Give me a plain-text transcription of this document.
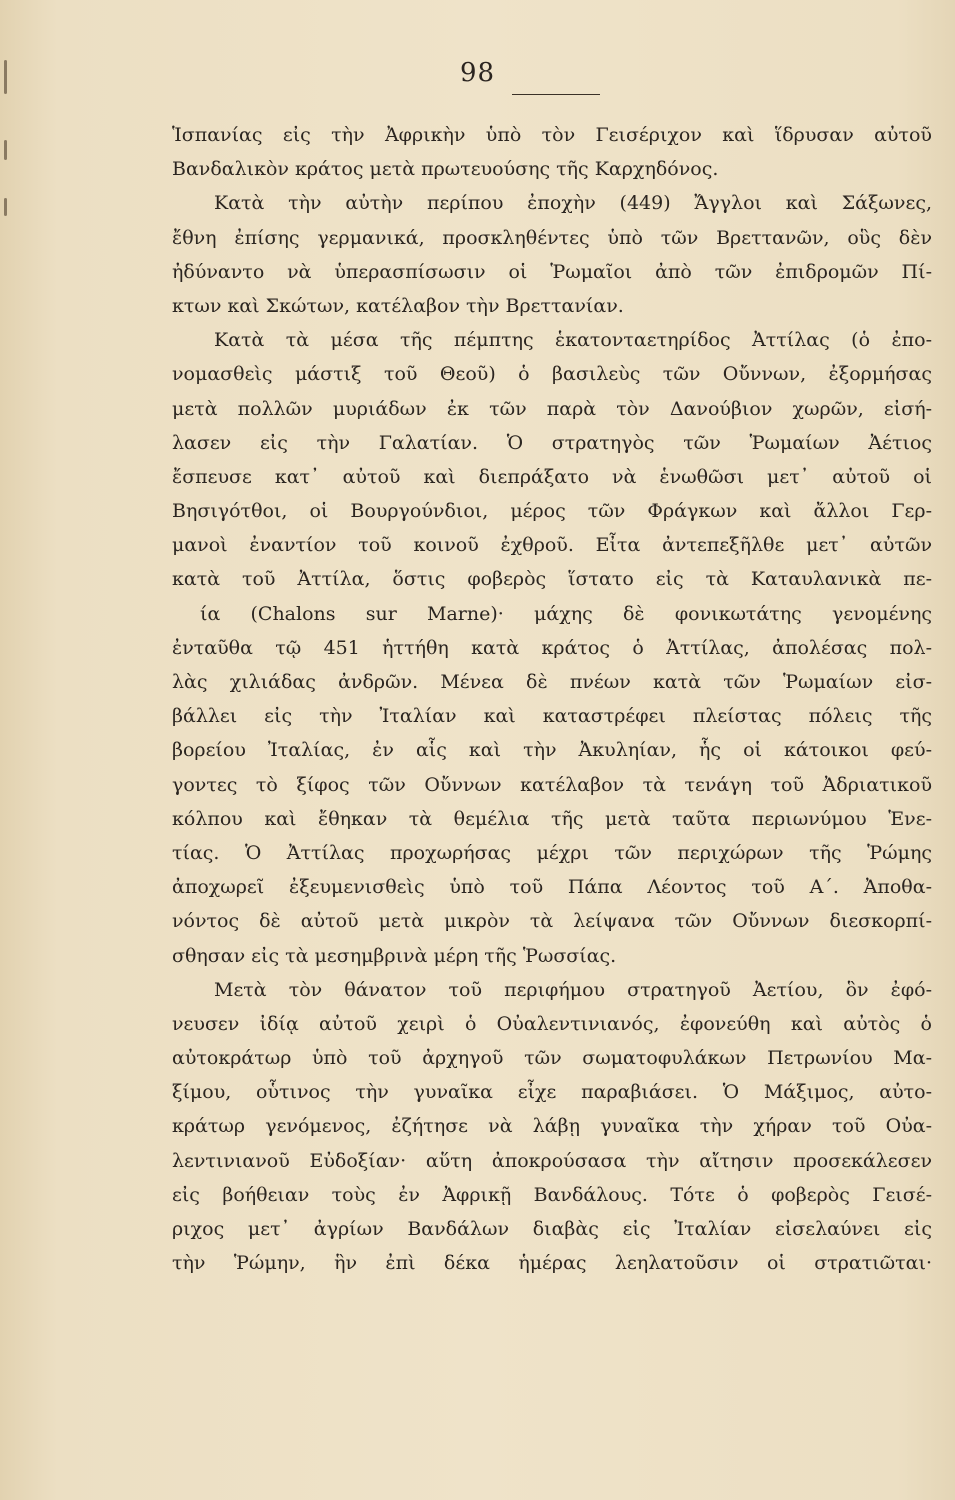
98
Ἱσπανίας εἰς τὴν Ἀφρικὴν ὑπὸ τὸν Γεισέριχον καὶ ἵδρυσαν αὐτοῦ
Βανδαλικὸν κράτος μετὰ πρωτευούσης τῆς Καρχηδόνος.
Κατὰ τὴν αὐτὴν περίπου ἐποχὴν (449) Ἄγγλοι καὶ Σάξωνες,
ἔθνη ἐπίσης γερμανικά, προσκληθέντες ὑπὸ τῶν Βρεττανῶν, οὓς δὲν
ἠδύναντο νὰ ὑπερασπίσωσιν οἱ Ῥωμαῖοι ἀπὸ τῶν ἐπιδρομῶν Πί-
κτων καὶ Σκώτων, κατέλαβον τὴν Βρεττανίαν.
Κατὰ τὰ μέσα τῆς πέμπτης ἑκατονταετηρίδος Ἀττίλας (ὁ ἐπο-
νομασθεὶς μάστιξ τοῦ Θεοῦ) ὁ βασιλεὺς τῶν Οὔννων, ἐξορμήσας
μετὰ πολλῶν μυριάδων ἐκ τῶν παρὰ τὸν Δανούβιον χωρῶν, εἰσή-
λασεν εἰς τὴν Γαλατίαν. Ὁ στρατηγὸς τῶν Ῥωμαίων Ἀέτιος
ἔσπευσε κατ᾿ αὐτοῦ καὶ διεπράξατο νὰ ἑνωθῶσι μετ᾿ αὐτοῦ οἱ
Βησιγότθοι, οἱ Βουργούνδιοι, μέρος τῶν Φράγκων καὶ ἄλλοι Γερ-
μανοὶ ἐναντίον τοῦ κοινοῦ ἐχθροῦ. Εἶτα ἀντεπεξῆλθε μετ᾿ αὐτῶν
κατὰ τοῦ Ἀττίλα, ὅστις φοβερὸς ἵστατο εἰς τὰ Καταυλανικὰ πε-
ία (Chalons sur Marne)· μάχης δὲ φονικωτάτης γενομένης
ἐνταῦθα τῷ 451 ἡττήθη κατὰ κράτος ὁ Ἀττίλας, ἀπολέσας πολ-
λὰς χιλιάδας ἀνδρῶν. Μένεα δὲ πνέων κατὰ τῶν Ῥωμαίων εἰσ-
βάλλει εἰς τὴν Ἰταλίαν καὶ καταστρέφει πλείστας πόλεις τῆς
βορείου Ἰταλίας, ἐν αἷς καὶ τὴν Ἀκυληίαν, ἧς οἱ κάτοικοι φεύ-
γοντες τὸ ξίφος τῶν Οὔννων κατέλαβον τὰ τενάγη τοῦ Ἀδριατικοῦ
κόλπου καὶ ἔθηκαν τὰ θεμέλια τῆς μετὰ ταῦτα περιωνύμου Ἑνε-
τίας. Ὁ Ἀττίλας προχωρήσας μέχρι τῶν περιχώρων τῆς Ῥώμης
ἀποχωρεῖ ἐξευμενισθεὶς ὑπὸ τοῦ Πάπα Λέοντος τοῦ Α΄. Ἀποθα-
νόντος δὲ αὐτοῦ μετὰ μικρὸν τὰ λείψανα τῶν Οὔννων διεσκορπί-
σθησαν εἰς τὰ μεσημβρινὰ μέρη τῆς Ῥωσσίας.
Μετὰ τὸν θάνατον τοῦ περιφήμου στρατηγοῦ Ἀετίου, ὃν ἐφό-
νευσεν ἰδίᾳ αὐτοῦ χειρὶ ὁ Οὐαλεντινιανός, ἐφονεύθη καὶ αὐτὸς ὁ
αὐτοκράτωρ ὑπὸ τοῦ ἀρχηγοῦ τῶν σωματοφυλάκων Πετρωνίου Μα-
ξίμου, οὗτινος τὴν γυναῖκα εἶχε παραβιάσει. Ὁ Μάξιμος, αὐτο-
κράτωρ γενόμενος, ἐζήτησε νὰ λάβῃ γυναῖκα τὴν χήραν τοῦ Οὐα-
λεντινιανοῦ Εὐδοξίαν· αὕτη ἀποκρούσασα τὴν αἴτησιν προσεκάλεσεν
εἰς βοήθειαν τοὺς ἐν Ἀφρικῇ Βανδάλους. Τότε ὁ φοβερὸς Γεισέ-
ριχος μετ᾿ ἀγρίων Βανδάλων διαβὰς εἰς Ἰταλίαν εἰσελαύνει εἰς
τὴν Ῥώμην, ἣν ἐπὶ δέκα ἡμέρας λεηλατοῦσιν οἱ στρατιῶται·
